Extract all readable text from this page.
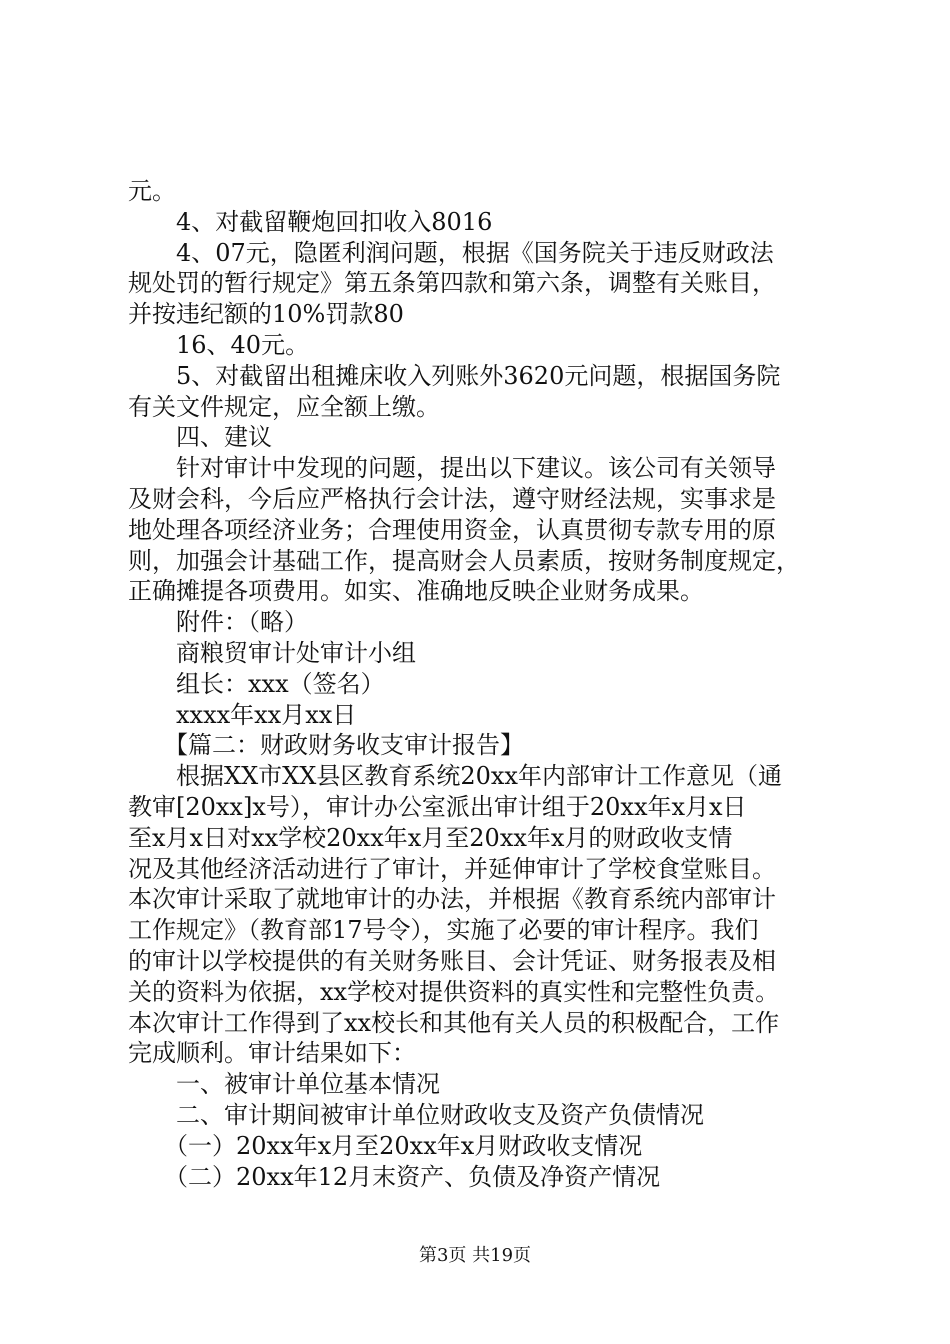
元。
4、对截留鞭炮回扣收入8016
4、07元，隐匿利润问题，根据《国务院关于违反财政法
规处罚的暂行规定》第五条第四款和第六条，调整有关账目，
并按违纪额的10%罚款80
16、40元。
5、对截留出租摊床收入列账外3620元问题，根据国务院
有关文件规定，应全额上缴。
四、建议
针对审计中发现的问题，提出以下建议。该公司有关领导
及财会科，今后应严格执行会计法，遵守财经法规，实事求是
地处理各项经济业务；合理使用资金，认真贯彻专款专用的原
则，加强会计基础工作，提高财会人员素质，按财务制度规定，
正确摊提各项费用。如实、准确地反映企业财务成果。
附件：（略）
商粮贸审计处审计小组
组长：xxx（签名）
xxxx年xx月xx日
【篇二：财政财务收支审计报告】
根据XX市XX县区教育系统20xx年内部审计工作意见（通
教审[20xx]x号），审计办公室派出审计组于20xx年x月x日
至x月x日对xx学校20xx年x月至20xx年x月的财政收支情
况及其他经济活动进行了审计，并延伸审计了学校食堂账目。
本次审计采取了就地审计的办法，并根据《教育系统内部审计
工作规定》（教育部17号令），实施了必要的审计程序。我们
的审计以学校提供的有关财务账目、会计凭证、财务报表及相
关的资料为依据，xx学校对提供资料的真实性和完整性负责。
本次审计工作得到了xx校长和其他有关人员的积极配合，工作
完成顺利。审计结果如下：
一、被审计单位基本情况
二、审计期间被审计单位财政收支及资产负债情况
（一）20xx年x月至20xx年x月财政收支情况
（二）20xx年12月末资产、负债及净资产情况
第3页 共19页
